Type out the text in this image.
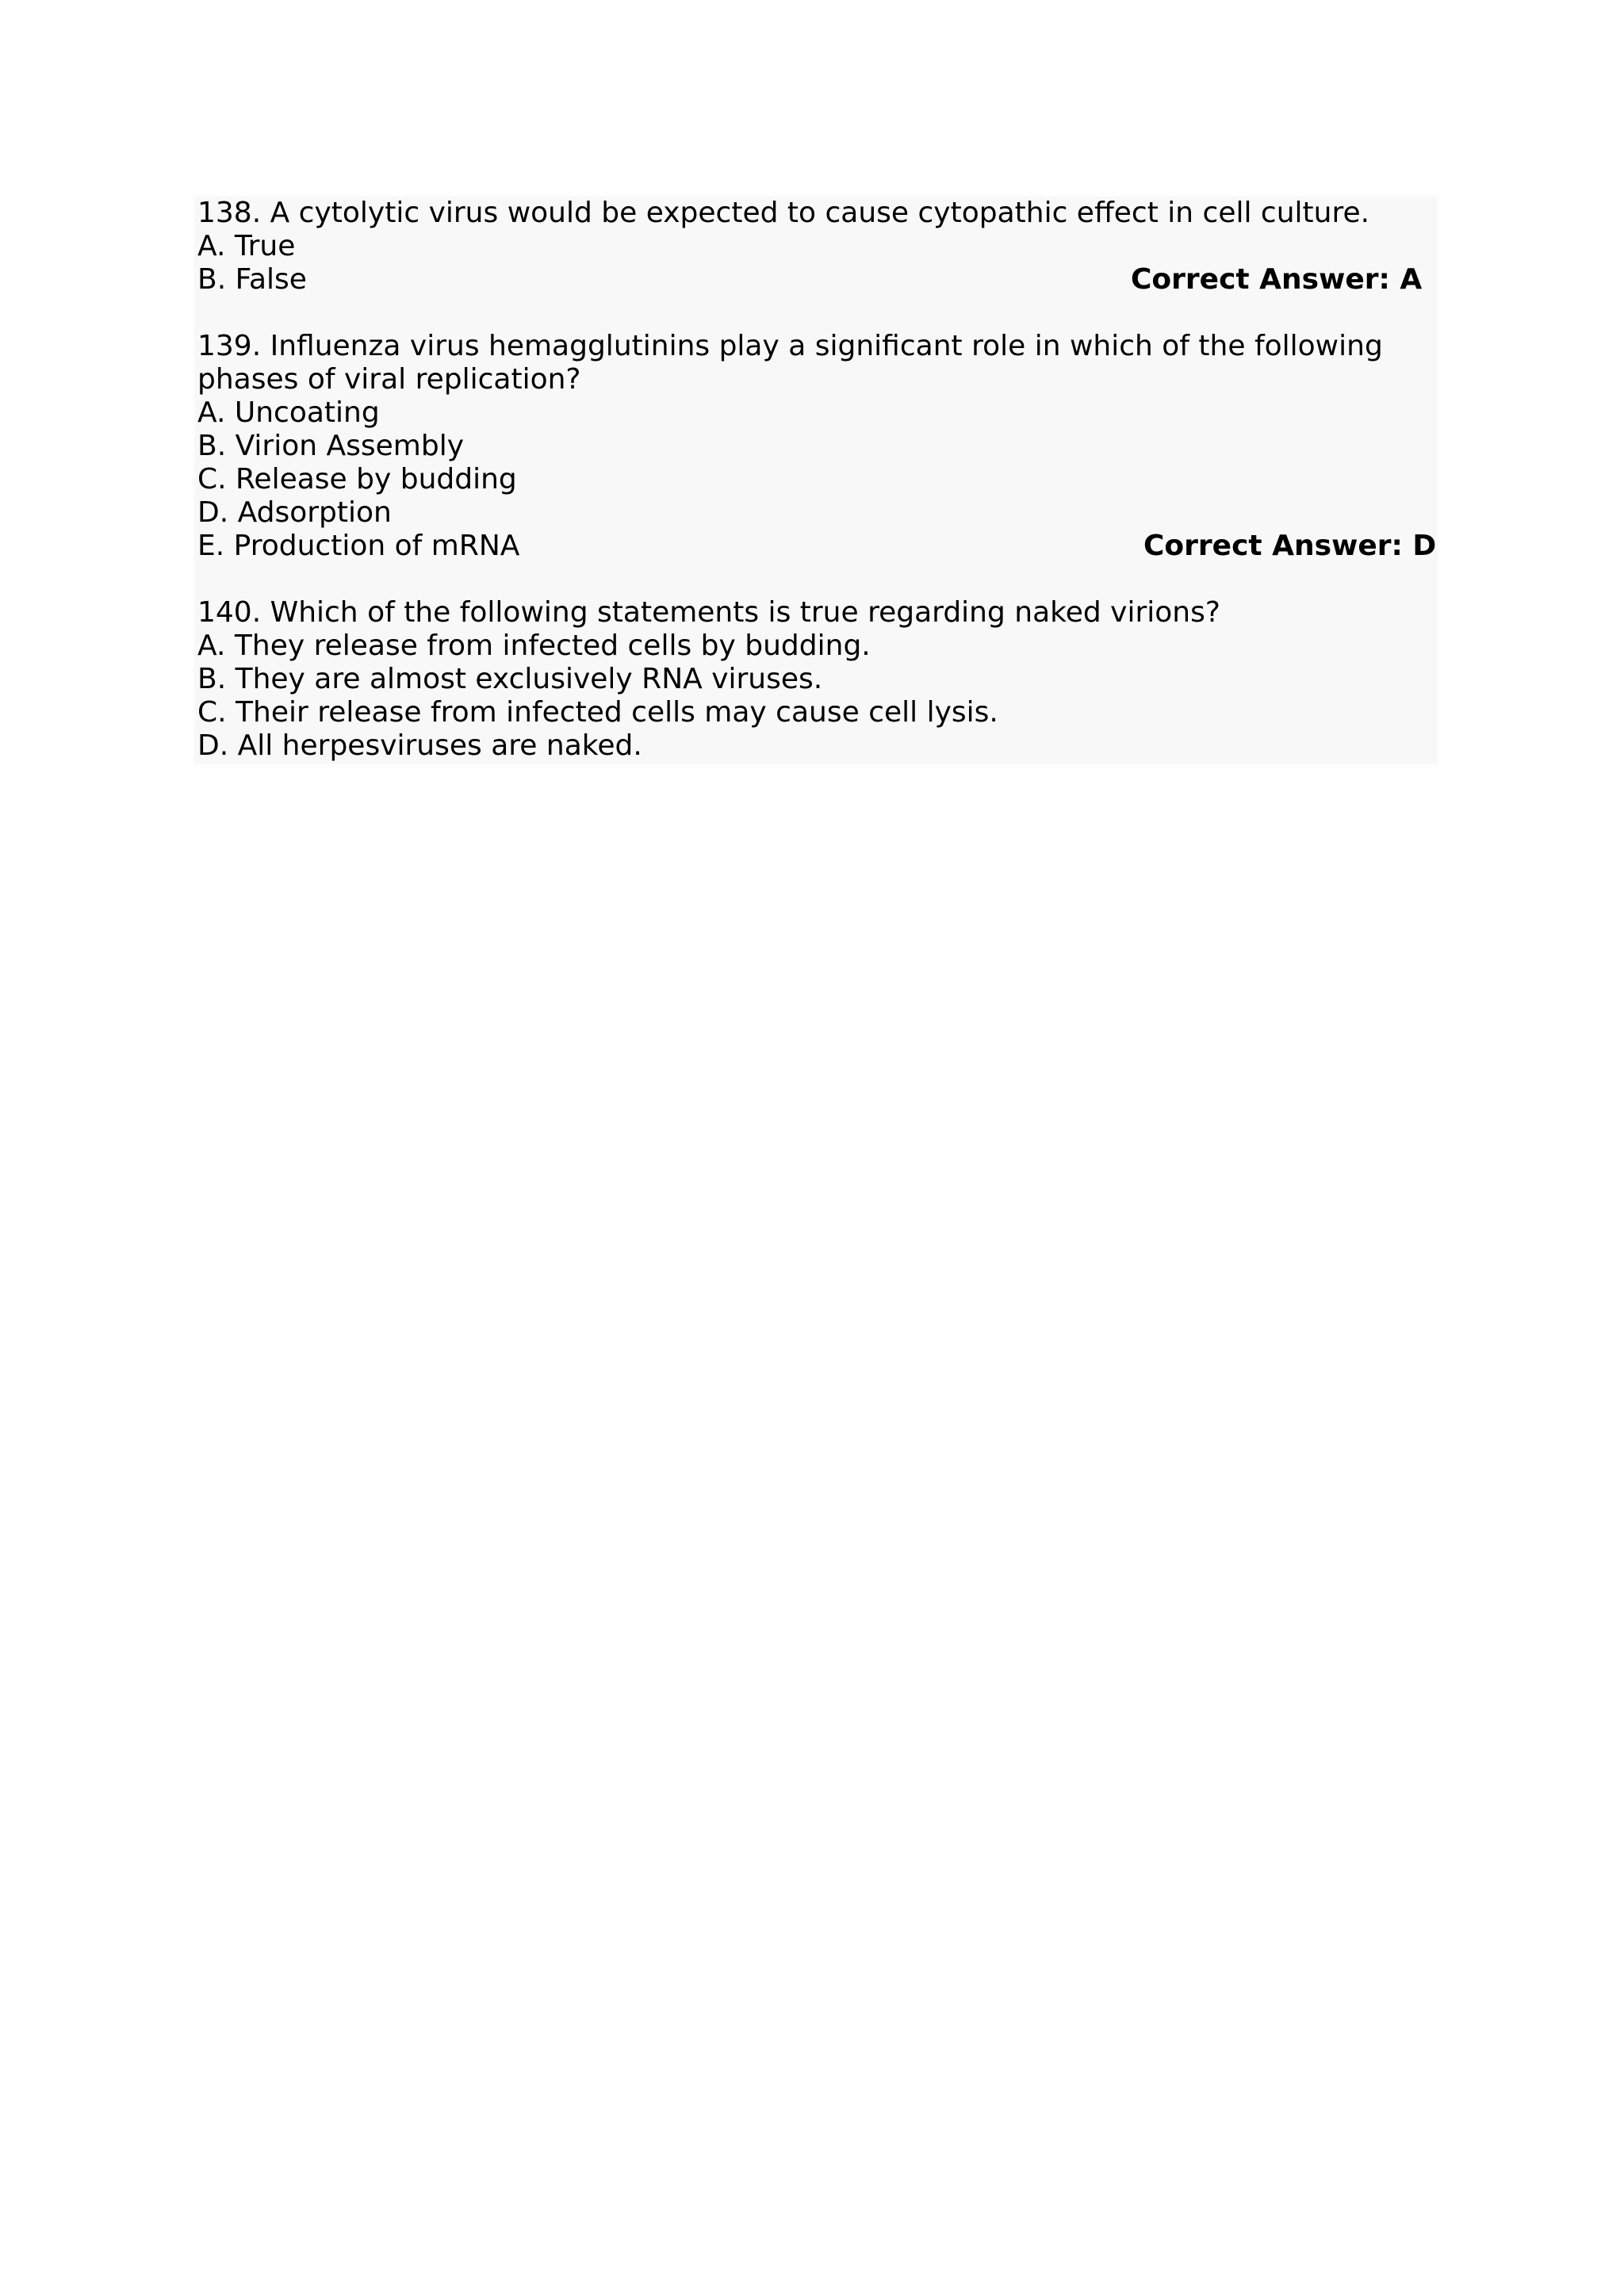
138. A cytolytic virus would be expected to cause cytopathic effect in cell culture.
A. True
B. False	Correct Answer: A
139. Influenza virus hemagglutinins play a significant role in which of the following
phases of viral replication?
A. Uncoating
B. Virion Assembly
C. Release by budding
D. Adsorption
E. Production of mRNA	Correct Answer: D
140. Which of the following statements is true regarding naked virions?
A. They release from infected cells by budding.
B. They are almost exclusively RNA viruses.
C. Their release from infected cells may cause cell lysis.
D. All herpesviruses are naked.
